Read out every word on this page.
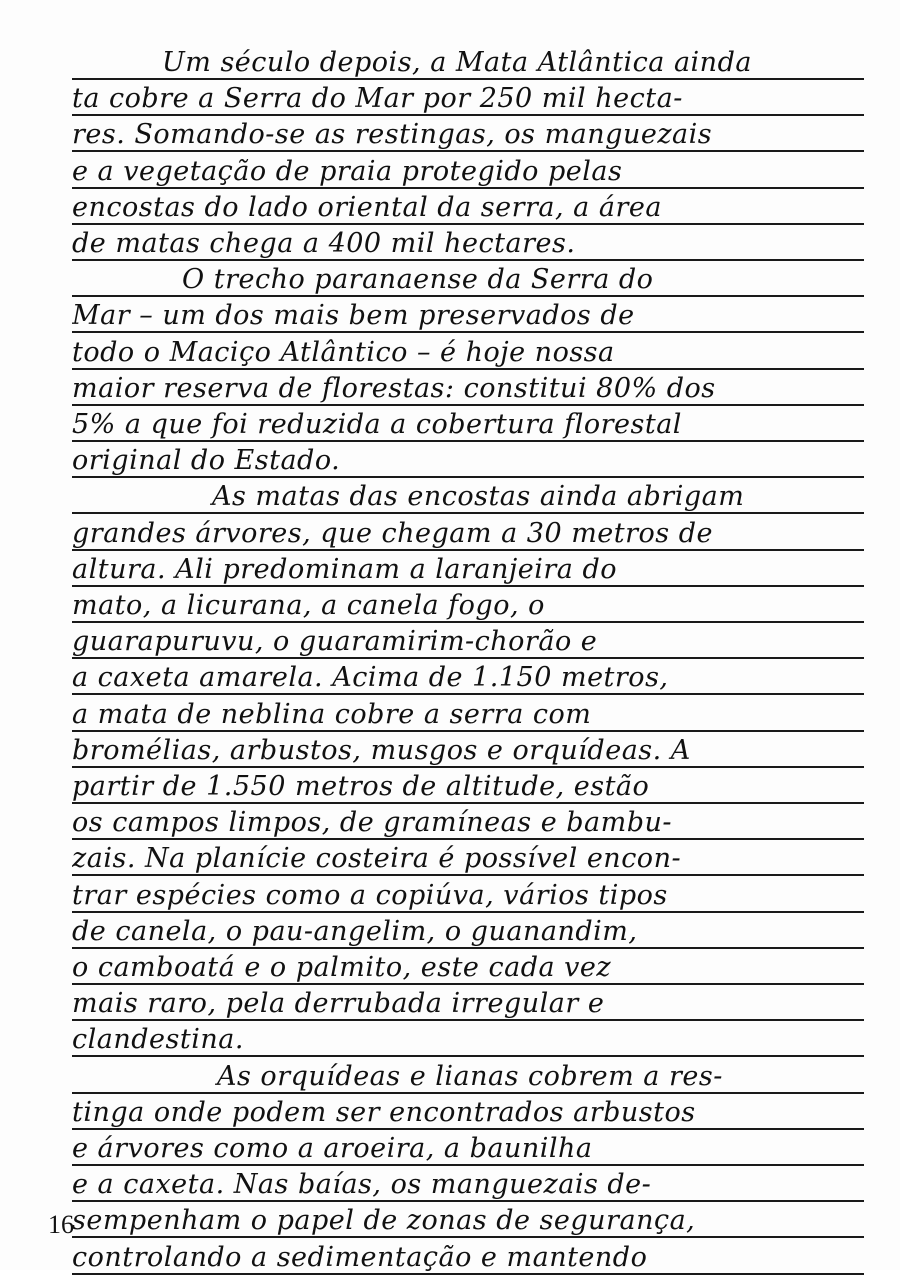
Um século depois, a Mata Atlântica ainda
ta cobre a Serra do Mar por 250 mil hecta-
res. Somando-se as restingas, os manguezais
e a vegetação de praia protegido pelas
encostas do lado oriental da serra, a área
de matas chega a 400 mil hectares.
O trecho paranaense da Serra do
Mar – um dos mais bem preservados de
todo o Maciço Atlântico – é hoje nossa
maior reserva de florestas: constitui 80% dos
5% a que foi reduzida a cobertura florestal
original do Estado.
As matas das encostas ainda abrigam
grandes árvores, que chegam a 30 metros de
altura. Ali predominam a laranjeira do
mato, a licurana, a canela fogo, o
guarapuruvu, o guaramirim-chorão e
a caxeta amarela. Acima de 1.150 metros,
a mata de neblina cobre a serra com
bromélias, arbustos, musgos e orquídeas. A
partir de 1.550 metros de altitude, estão
os campos limpos, de gramíneas e bambu-
zais. Na planície costeira é possível encon-
trar espécies como a copiúva, vários tipos
de canela, o pau-angelim, o guanandim,
o camboatá e o palmito, este cada vez
mais raro, pela derrubada irregular e
clandestina.
As orquídeas e lianas cobrem a res-
tinga onde podem ser encontrados arbustos
e árvores como a aroeira, a baunilha
e a caxeta. Nas baías, os manguezais de-
sempenham o papel de zonas de segurança,
controlando a sedimentação e mantendo
16
